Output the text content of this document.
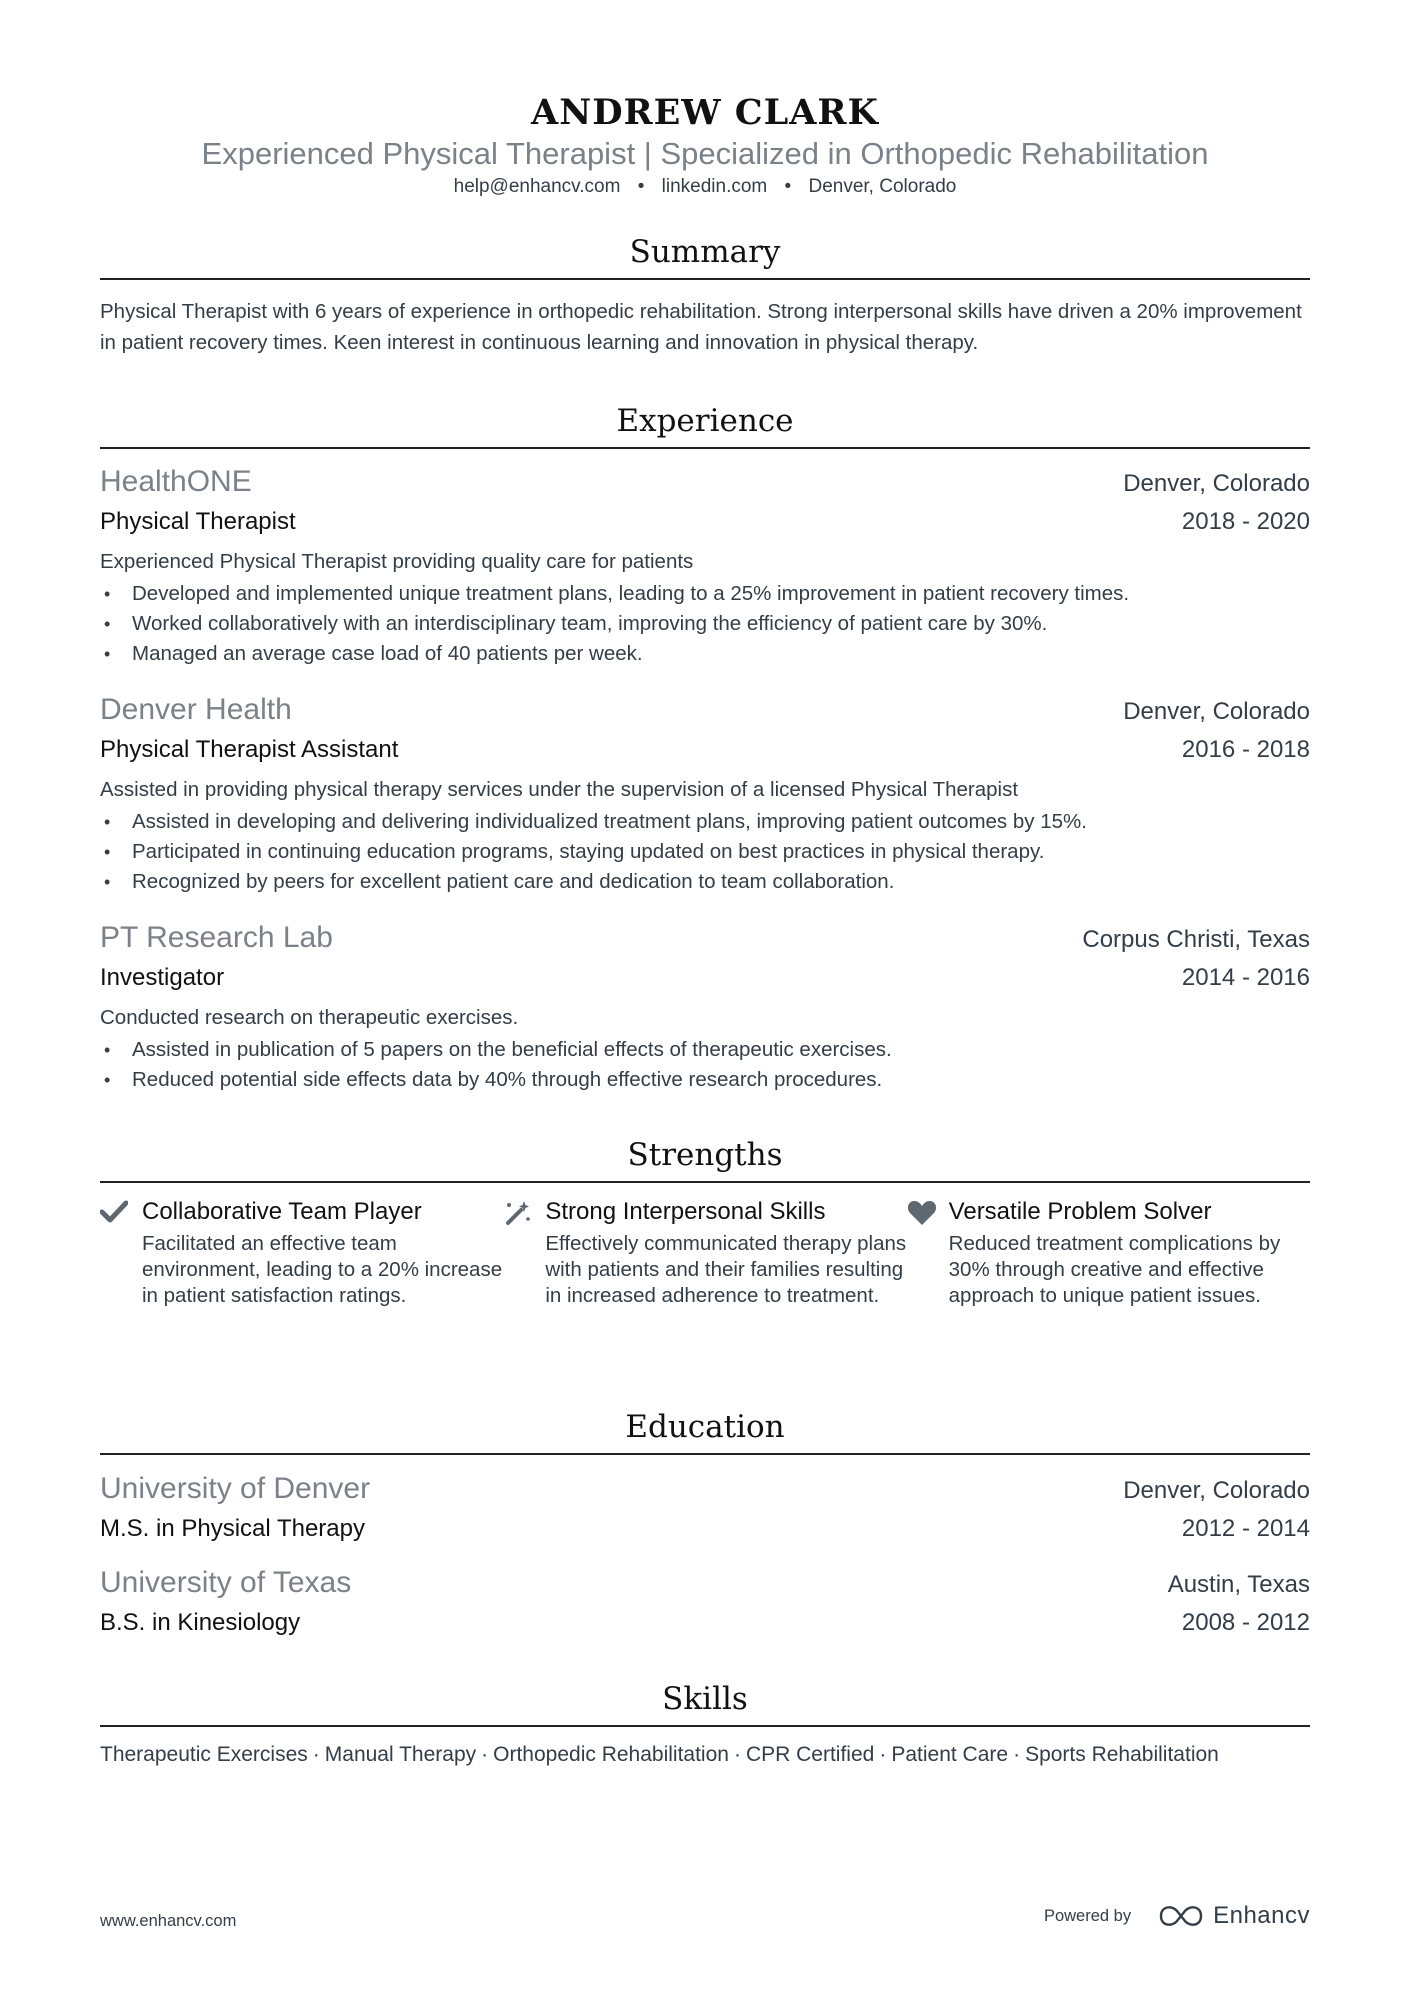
ANDREW CLARK
Experienced Physical Therapist | Specialized in Orthopedic Rehabilitation
help@enhancv.com • linkedin.com • Denver, Colorado
Summary
Physical Therapist with 6 years of experience in orthopedic rehabilitation. Strong interpersonal skills have driven a 20% improvement in patient recovery times. Keen interest in continuous learning and innovation in physical therapy.
Experience
HealthONE	Denver, Colorado
Physical Therapist	2018 - 2020
Experienced Physical Therapist providing quality care for patients
• Developed and implemented unique treatment plans, leading to a 25% improvement in patient recovery times.
• Worked collaboratively with an interdisciplinary team, improving the efficiency of patient care by 30%.
• Managed an average case load of 40 patients per week.
Denver Health	Denver, Colorado
Physical Therapist Assistant	2016 - 2018
Assisted in providing physical therapy services under the supervision of a licensed Physical Therapist
• Assisted in developing and delivering individualized treatment plans, improving patient outcomes by 15%.
• Participated in continuing education programs, staying updated on best practices in physical therapy.
• Recognized by peers for excellent patient care and dedication to team collaboration.
PT Research Lab	Corpus Christi, Texas
Investigator	2014 - 2016
Conducted research on therapeutic exercises.
• Assisted in publication of 5 papers on the beneficial effects of therapeutic exercises.
• Reduced potential side effects data by 40% through effective research procedures.
Strengths
Collaborative Team Player
Facilitated an effective team environment, leading to a 20% increase in patient satisfaction ratings.
Strong Interpersonal Skills
Effectively communicated therapy plans with patients and their families resulting in increased adherence to treatment.
Versatile Problem Solver
Reduced treatment complications by 30% through creative and effective approach to unique patient issues.
Education
University of Denver	Denver, Colorado
M.S. in Physical Therapy	2012 - 2014
University of Texas	Austin, Texas
B.S. in Kinesiology	2008 - 2012
Skills
Therapeutic Exercises · Manual Therapy · Orthopedic Rehabilitation · CPR Certified · Patient Care · Sports Rehabilitation
www.enhancv.com	Powered by	Enhancv
